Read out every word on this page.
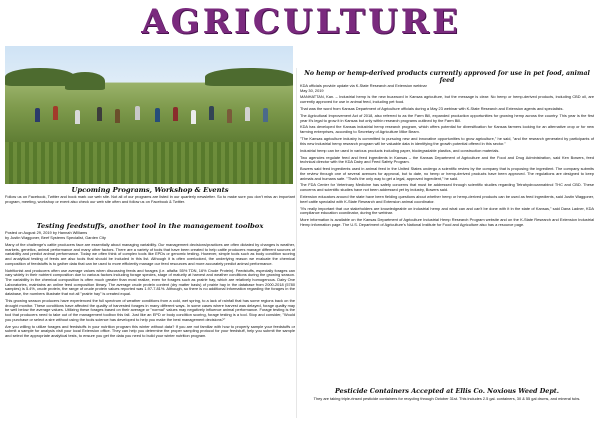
AGRICULTURE
Upcoming Programs, Workshop & Events
Follow us on Facebook, Twitter and book mark our web site. Not all of our programs are listed in our quarterly newsletter. So to make sure you don't miss an important program, meeting, workshop or event also check our web site often and follow us on Facebook & Twitter.
Testing feedstuffs, another tool in the management toolbox
Posted on August 29, 2019 by Hannah Williams
by Justin Waggoner, Beef Systems Specialist, Garden City
Many of the challenge's cattle producers face are essentially about managing variability. Our management decisions/practices are often dictated by changes is weather, markets, genetics, animal performance and many other factors. There are a variety of tools that have been created to help cattle producers manage different sources of variability and predict animal performance. Today we often think of complex tools like EPDs or genomic testing. However, simple tools such as body condition scoring and analytical testing of feeds are also tools that should be included in this list. Although it is often overlooked, the underlying reason we evaluate the chemical composition of feedstuffs is to gather data that can be used to more efficiently manage our feed resources and more accurately predict animal performance.
Nutritionist and producers often use average values when discussing feeds and forages (i.e. alfalfa: 55% TDN, 16% Crude Protein). Feedstuffs, especially forages can vary widely in their nutrient composition due to various factors including forage species, stage of maturity at harvest and weather conditions during the growing season. The variability in the chemical composition is often much greater than most realize, even for forages such as prairie hay, which are relatively homogenous. Dairy One Laboratories, maintains an online feed composition library. The average crude protein content (dry matter basis) of prairie hay in the database from 2000-2018 (5780 samples) is 5.4%, crude protein, the range of crude protein values reported was 1.97-7.81%. Although, so there is no additional information regarding the forages in the database, the numbers illustrate that not all "prairie hay" is created equal.
This growing season producers have experienced the full spectrum of weather conditions from a cold, wet spring, to a lack of rainfall that has some regions back on the drought monitor. These conditions have affected the quality of harvested forages in many different ways. In some cases where harvest was delayed, forage quality may be well below the average values. Utilizing these forages based on their average or "normal" values may negatively influence animal performance. Forage testing is the tool that producers need to take out of the management toolbox this fall. Just like an EPD or body condition scoring, forage testing is a tool. Stop and consider, "Would you purchase or select a sire without using the tools science has developed to help you make the best management decisions?"
Are you willing to utilize forages and feedstuffs in your nutrition program this winter without data? If you are not familiar with how to properly sample your feedstuffs or submit a sample for analysis visit your local Extension office. They can help you determine the proper sampling protocol for your feedstuff, help you submit the sample and select the appropriate analytical tests, to ensure you get the data you need to build your winter nutrition program.
No hemp or hemp-derived products currently approved for use in pet food, animal feed
KDA officials provide update via K-State Research and Extension webinar
May 30, 2019
MANHATTAN, Kan. – Industrial hemp is the new buzzword in Kansas agriculture, but the message is clear: No hemp or hemp-derived products, including CBD oil, are currently approved for use in animal feed, including pet food.
That was the word from Kansas Department of Agriculture officials during a May 23 webinar with K-State Research and Extension agents and specialists.
The Agricultural Improvement Act of 2018, also referred to as the Farm Bill, expanded production opportunities for growing hemp across the country. This year is the first year it's legal to grow it in Kansas but only within research programs outlined by the Farm Bill.
KDA has developed the Kansas industrial hemp research program, which offers potential for diversification for Kansas farmers looking for an alternative crop or for new farming enterprises, according to Secretary of Agriculture Mike Beam.
"The Kansas agriculture industry is committed to pursuing new and innovative opportunities to grow agriculture," he said, "and the research generated by participants of this new industrial hemp research program will be valuable data in identifying the growth potential offered in this sector."
Industrial hemp can be used in various products including paper, biodegradable plastics, and construction materials.
Two agencies regulate feed and feed ingredients in Kansas – the Kansas Department of Agriculture and the Food and Drug Administration, said Ken Bowers, feed technical director with the KDA Dairy and Feed Safety Program.
Bowers said feed ingredients used in animal feed in the United States undergo a scientific review by the company that is proposing the ingredient. The company submits the review through one of several avenues for approval, but to date, no hemp or hemp-derived products have been approved. The regulations are designed to keep animals and humans safe. "That's the only way to get a legal, approved ingredient," he said.
The FDA Center for Veterinary Medicine has safety concerns that must be addressed through scientific studies regarding Tetrahydrocannabinol THC and CBD. These concerns and scientific studies have not been addressed yet by industry, Bowers said.
Extension educators around the state have been fielding questions about whether hemp or hemp-derived products can be used as feed ingredients, said Justin Waggoner, beef cattle specialist with K-State Research and Extension animal coordinator.
"It's really important that our stakeholders are knowledgeable on industrial hemp and what can and can't be done with it in the state of Kansas," said Dana Ladner, KDA compliance education coordinator, during the webinar.
More information is available on the Kansas Department of Agriculture Industrial Hemp Research Program website and on the K-State Research and Extension Industrial Hemp information page. The U.S. Department of Agriculture's National Institute for Food and Agriculture also has a resource page.
Pesticide Containers Accepted at Ellis Co. Noxious Weed Dept.
They are taking triple-rinsed pesticide containers for recycling through October 31st. This includes 2.5 gal. containers, 30 & 55 gal drums, and mineral tubs.
